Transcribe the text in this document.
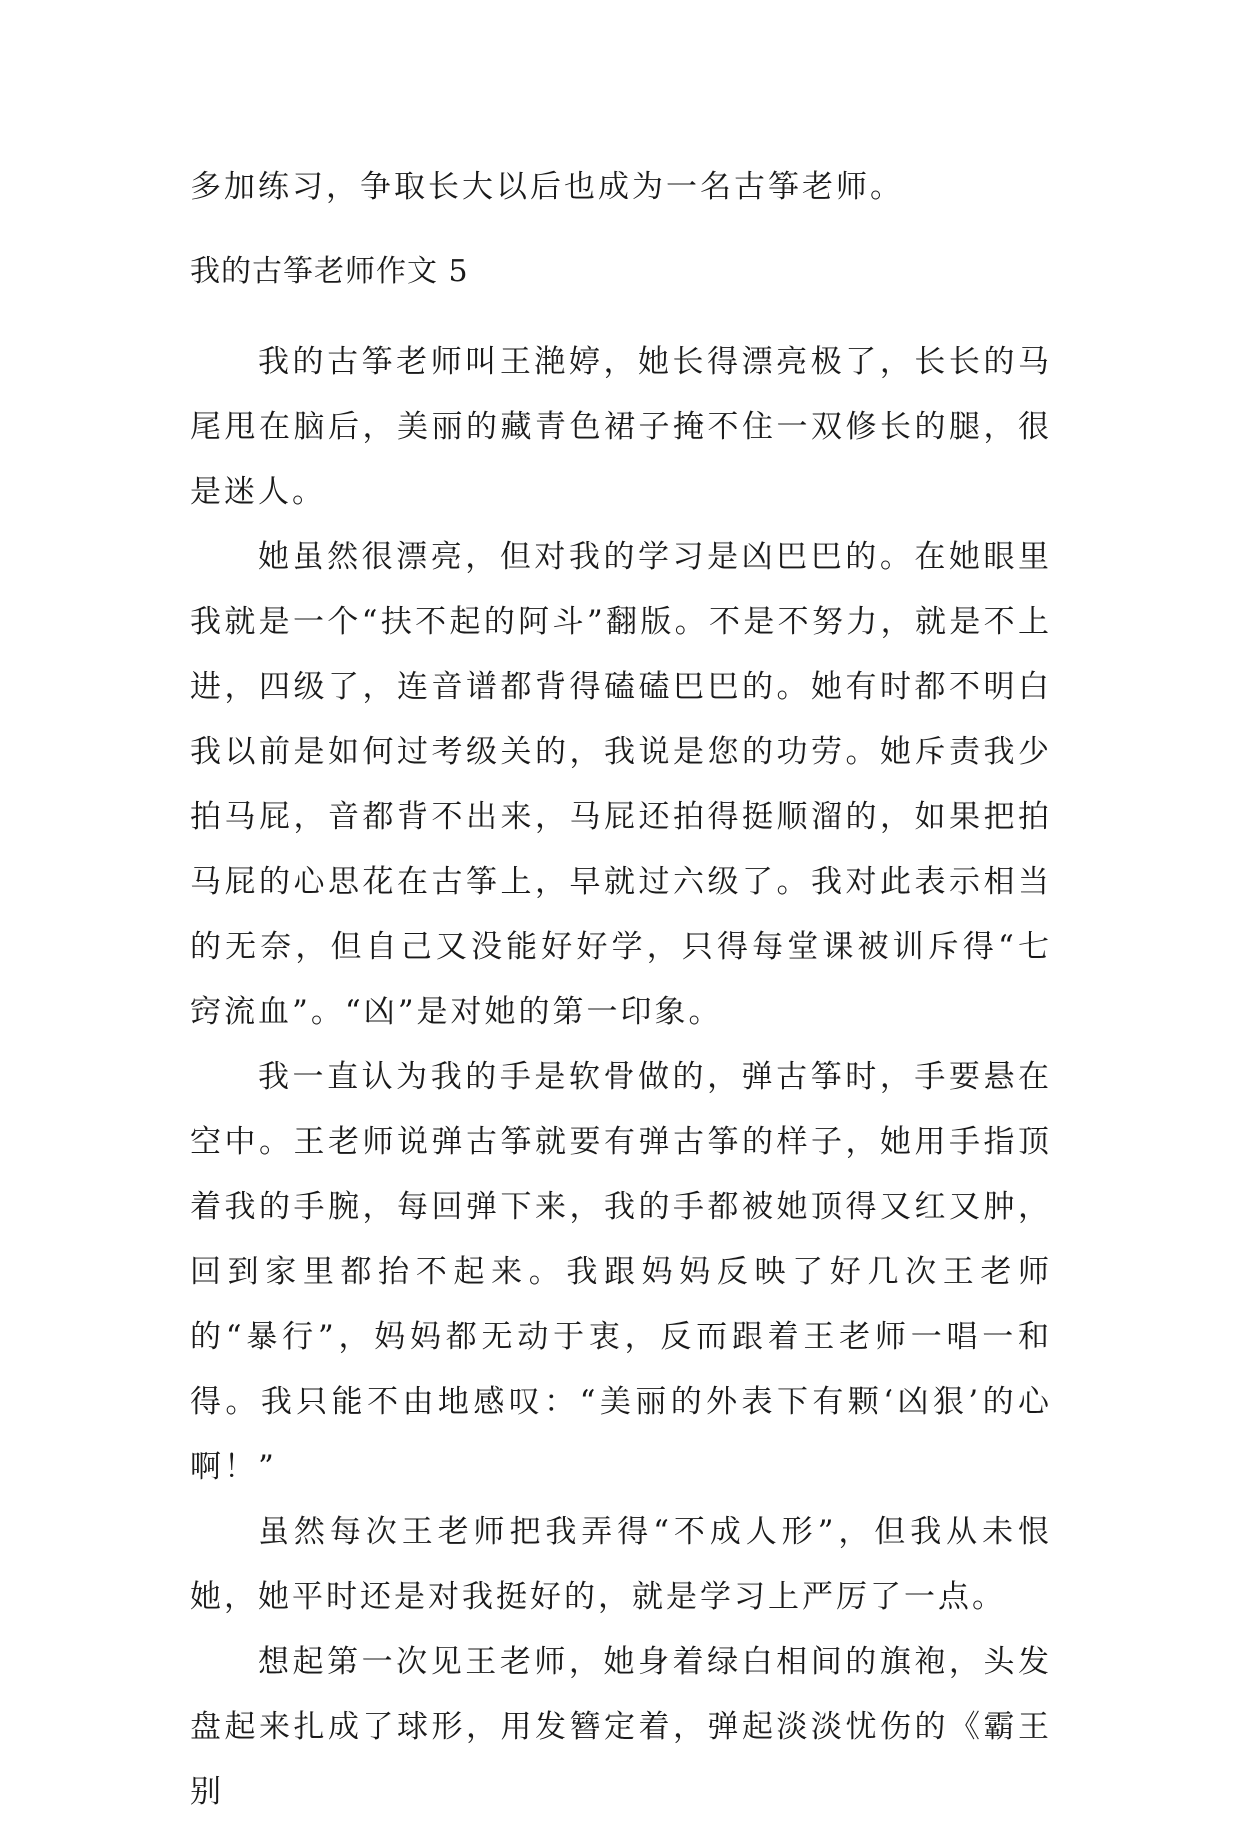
多加练习，争取长大以后也成为一名古筝老师。
我的古筝老师作文 5

我的古筝老师叫王滟婷，她长得漂亮极了，长长的马尾甩在脑后，美丽的藏青色裙子掩不住一双修长的腿，很是迷人。

她虽然很漂亮，但对我的学习是凶巴巴的。在她眼里我就是一个“扶不起的阿斗”翻版。不是不努力，就是不上进，四级了，连音谱都背得磕磕巴巴的。她有时都不明白我以前是如何过考级关的，我说是您的功劳。她斥责我少拍马屁，音都背不出来，马屁还拍得挺顺溜的，如果把拍马屁的心思花在古筝上，早就过六级了。我对此表示相当的无奈，但自己又没能好好学，只得每堂课被训斥得“七窍流血”。“凶”是对她的第一印象。

我一直认为我的手是软骨做的，弹古筝时，手要悬在空中。王老师说弹古筝就要有弹古筝的样子，她用手指顶着我的手腕，每回弹下来，我的手都被她顶得又红又肿，回到家里都抬不起来。我跟妈妈反映了好几次王老师的“暴行”，妈妈都无动于衷，反而跟着王老师一唱一和得。我只能不由地感叹：“美丽的外表下有颗‘凶狠’的心啊！”

虽然每次王老师把我弄得“不成人形”，但我从未恨她，她平时还是对我挺好的，就是学习上严厉了一点。

想起第一次见王老师，她身着绿白相间的旗袍，头发盘起来扎成了球形，用发簪定着，弹起淡淡忧伤的《霸王别
